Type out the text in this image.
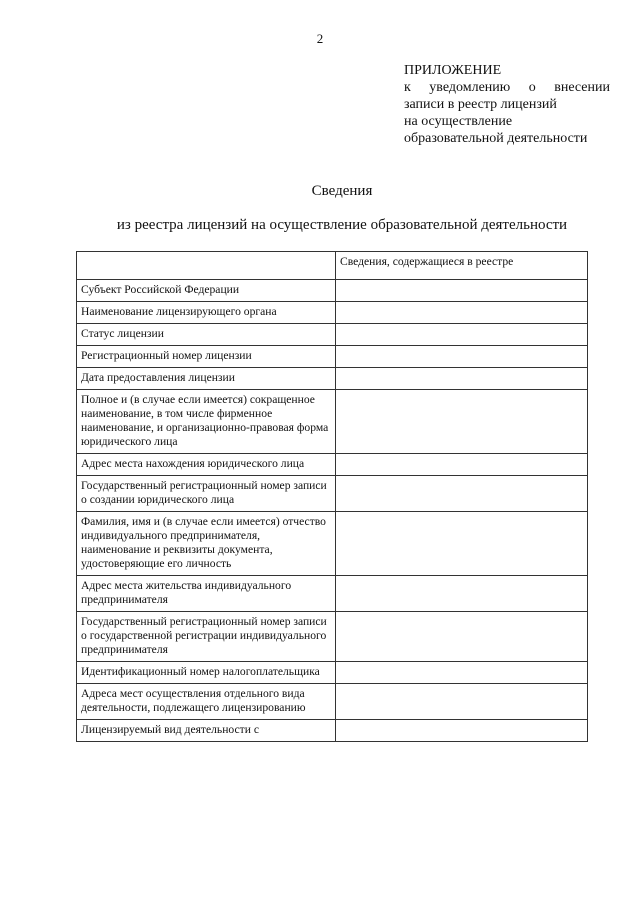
2
ПРИЛОЖЕНИЕ
к уведомлению о внесении
записи в реестр лицензий
на осуществление
образовательной деятельности
Сведения
из реестра лицензий на осуществление образовательной деятельности
	Сведения, содержащиеся в реестре
Субъект Российской Федерации	
Наименование лицензирующего органа	
Статус лицензии	
Регистрационный номер лицензии	
Дата предоставления лицензии	
Полное и (в случае если имеется) сокращенное наименование, в том числе фирменное наименование, и организационно-правовая форма юридического лица	
Адрес места нахождения юридического лица	
Государственный регистрационный номер записи о создании юридического лица	
Фамилия, имя и (в случае если имеется) отчество индивидуального предпринимателя, наименование и реквизиты документа, удостоверяющие его личность	
Адрес места жительства индивидуального предпринимателя	
Государственный регистрационный номер записи о государственной регистрации индивидуального предпринимателя	
Идентификационный номер налогоплательщика	
Адреса мест осуществления отдельного вида деятельности, подлежащего лицензированию	
Лицензируемый вид деятельности с	
